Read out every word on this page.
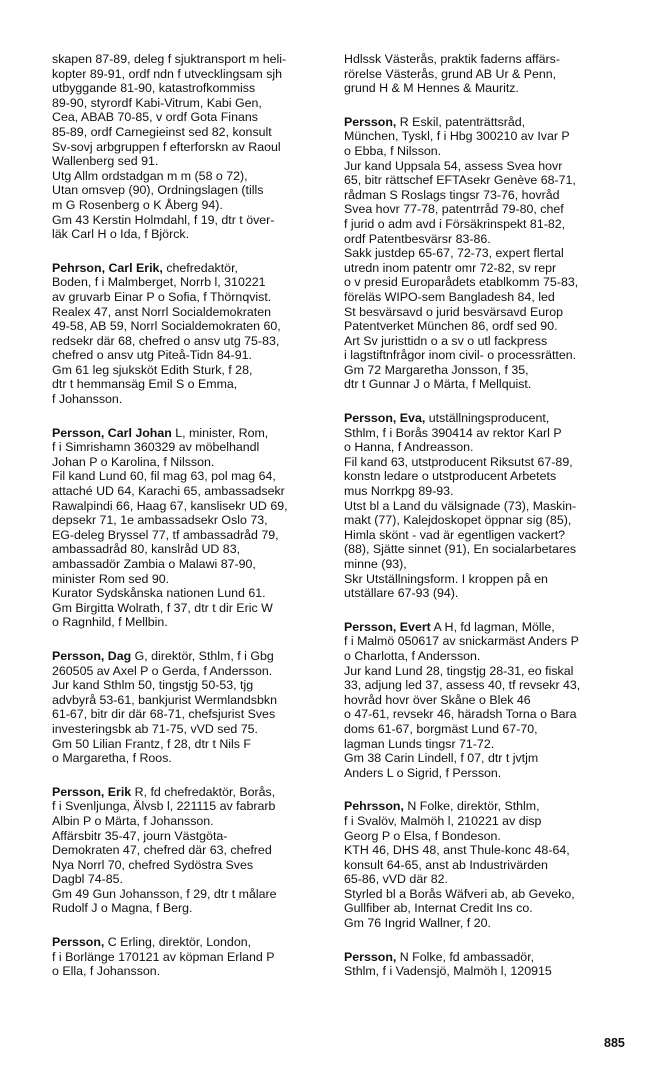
skapen 87-89, deleg f sjuktransport m heli-

kopter 89-91, ordf ndn f utvecklingsam sjh

utbyggande 81-90, katastrofkommiss

89-90, styrordf Kabi-Vitrum, Kabi Gen,

Cea, ABAB 70-85, v ordf Gota Finans

85-89, ordf Carnegieinst sed 82, konsult

Sv-sovj arbgruppen f efterforskn av Raoul

Wallenberg sed 91.

Utg Allm ordstadgan m m (58 o 72),

Utan omsvep (90), Ordningslagen (tills

m G Rosenberg o K Åberg 94).

Gm 43 Kerstin Holmdahl, f 19, dtr t över-

läk Carl H o Ida, f Björck.

Pehrson, Carl Erik, chefredaktör,

Boden, f i Malmberget, Norrb l, 310221

av gruvarb Einar P o Sofia, f Thörnqvist.

Realex 47, anst Norrl Socialdemokraten

49-58, AB 59, Norrl Socialdemokraten 60,

redsekr där 68, chefred o ansv utg 75-83,

chefred o ansv utg Piteå-Tidn 84-91.

Gm 61 leg sjuksköt Edith Sturk, f 28,

dtr t hemmansäg Emil S o Emma,

f Johansson.

Persson, Carl Johan L, minister, Rom,

f i Simrishamn 360329 av möbelhandl

Johan P o Karolina, f Nilsson.

Fil kand Lund 60, fil mag 63, pol mag 64,

attaché UD 64, Karachi 65, ambassadsekr

Rawalpindi 66, Haag 67, kanslisekr UD 69,

depsekr 71, 1e ambassadsekr Oslo 73,

EG-deleg Bryssel 77, tf ambassadråd 79,

ambassadråd 80, kanslråd UD 83,

ambassadör Zambia o Malawi 87-90,

minister Rom sed 90.

Kurator Sydskånska nationen Lund 61.

Gm Birgitta Wolrath, f 37, dtr t dir Eric W

o Ragnhild, f Mellbin.

Persson, Dag G, direktör, Sthlm, f i Gbg

260505 av Axel P o Gerda, f Andersson.

Jur kand Sthlm 50, tingstjg 50-53, tjg

advbyrå 53-61, bankjurist Wermlandsbkn

61-67, bitr dir där 68-71, chefsjurist Sves

investeringsbk ab 71-75, vVD sed 75.

Gm 50 Lilian Frantz, f 28, dtr t Nils F

o Margaretha, f Roos.

Persson, Erik R, fd chefredaktör, Borås,

f i Svenljunga, Älvsb l, 221115 av fabrarb

Albin P o Märta, f Johansson.

Affärsbitr 35-47, journ Västgöta-

Demokraten 47, chefred där 63, chefred

Nya Norrl 70, chefred Sydöstra Sves

Dagbl 74-85.

Gm 49 Gun Johansson, f 29, dtr t målare

Rudolf J o Magna, f Berg.

Persson, C Erling, direktör, London,

f i Borlänge 170121 av köpman Erland P

o Ella, f Johansson.

Hdlssk Västerås, praktik faderns affärs-

rörelse Västerås, grund AB Ur & Penn,

grund H & M Hennes & Mauritz.

Persson, R Eskil, patenträttsråd,

München, Tyskl, f i Hbg 300210 av Ivar P

o Ebba, f Nilsson.

Jur kand Uppsala 54, assess Svea hovr

65, bitr rättschef EFTAsekr Genève 68-71,

rådman S Roslags tingsr 73-76, hovråd

Svea hovr 77-78, patentrråd 79-80, chef

f jurid o adm avd i Försäkrinspekt 81-82,

ordf Patentbesvärsr 83-86.

Sakk justdep 65-67, 72-73, expert flertal

utredn inom patentr omr 72-82, sv repr

o v presid Europarådets etablkomm 75-83,

föreläs WIPO-sem Bangladesh 84, led

St besvärsavd o jurid besvärsavd Europ

Patentverket München 86, ordf sed 90.

Art Sv juristtidn o a sv o utl fackpress

i lagstiftnfrågor inom civil- o processrätten.

Gm 72 Margaretha Jonsson, f 35,

dtr t Gunnar J o Märta, f Mellquist.

Persson, Eva, utställningsproducent,

Sthlm, f i Borås 390414 av rektor Karl P

o Hanna, f Andreasson.

Fil kand 63, utstproducent Riksutst 67-89,

konstn ledare o utstproducent Arbetets

mus Norrkpg 89-93.

Utst bl a Land du välsignade (73), Maskin-

makt (77), Kalejdoskopet öppnar sig (85),

Himla skönt - vad är egentligen vackert?

(88), Sjätte sinnet (91), En socialarbetares

minne (93),

Skr Utställningsform. I kroppen på en

utställare 67-93 (94).

Persson, Evert A H, fd lagman, Mölle,

f i Malmö 050617 av snickarmäst Anders P

o Charlotta, f Andersson.

Jur kand Lund 28, tingstjg 28-31, eo fiskal

33, adjung led 37, assess 40, tf revsekr 43,

hovråd hovr över Skåne o Blek 46

o 47-61, revsekr 46, häradsh Torna o Bara

doms 61-67, borgmäst Lund 67-70,

lagman Lunds tingsr 71-72.

Gm 38 Carin Lindell, f 07, dtr t jvtjm

Anders L o Sigrid, f Persson.

Pehrsson, N Folke, direktör, Sthlm,

f i Svalöv, Malmöh l, 210221 av disp

Georg P o Elsa, f Bondeson.

KTH 46, DHS 48, anst Thule-konc 48-64,

konsult 64-65, anst ab Industrivärden

65-86, vVD där 82.

Styrled bl a Borås Wäfveri ab, ab Geveko,

Gullfiber ab, Internat Credit Ins co.

Gm 76 Ingrid Wallner, f 20.

Persson, N Folke, fd ambassadör,

Sthlm, f i Vadensjö, Malmöh l, 120915

885
